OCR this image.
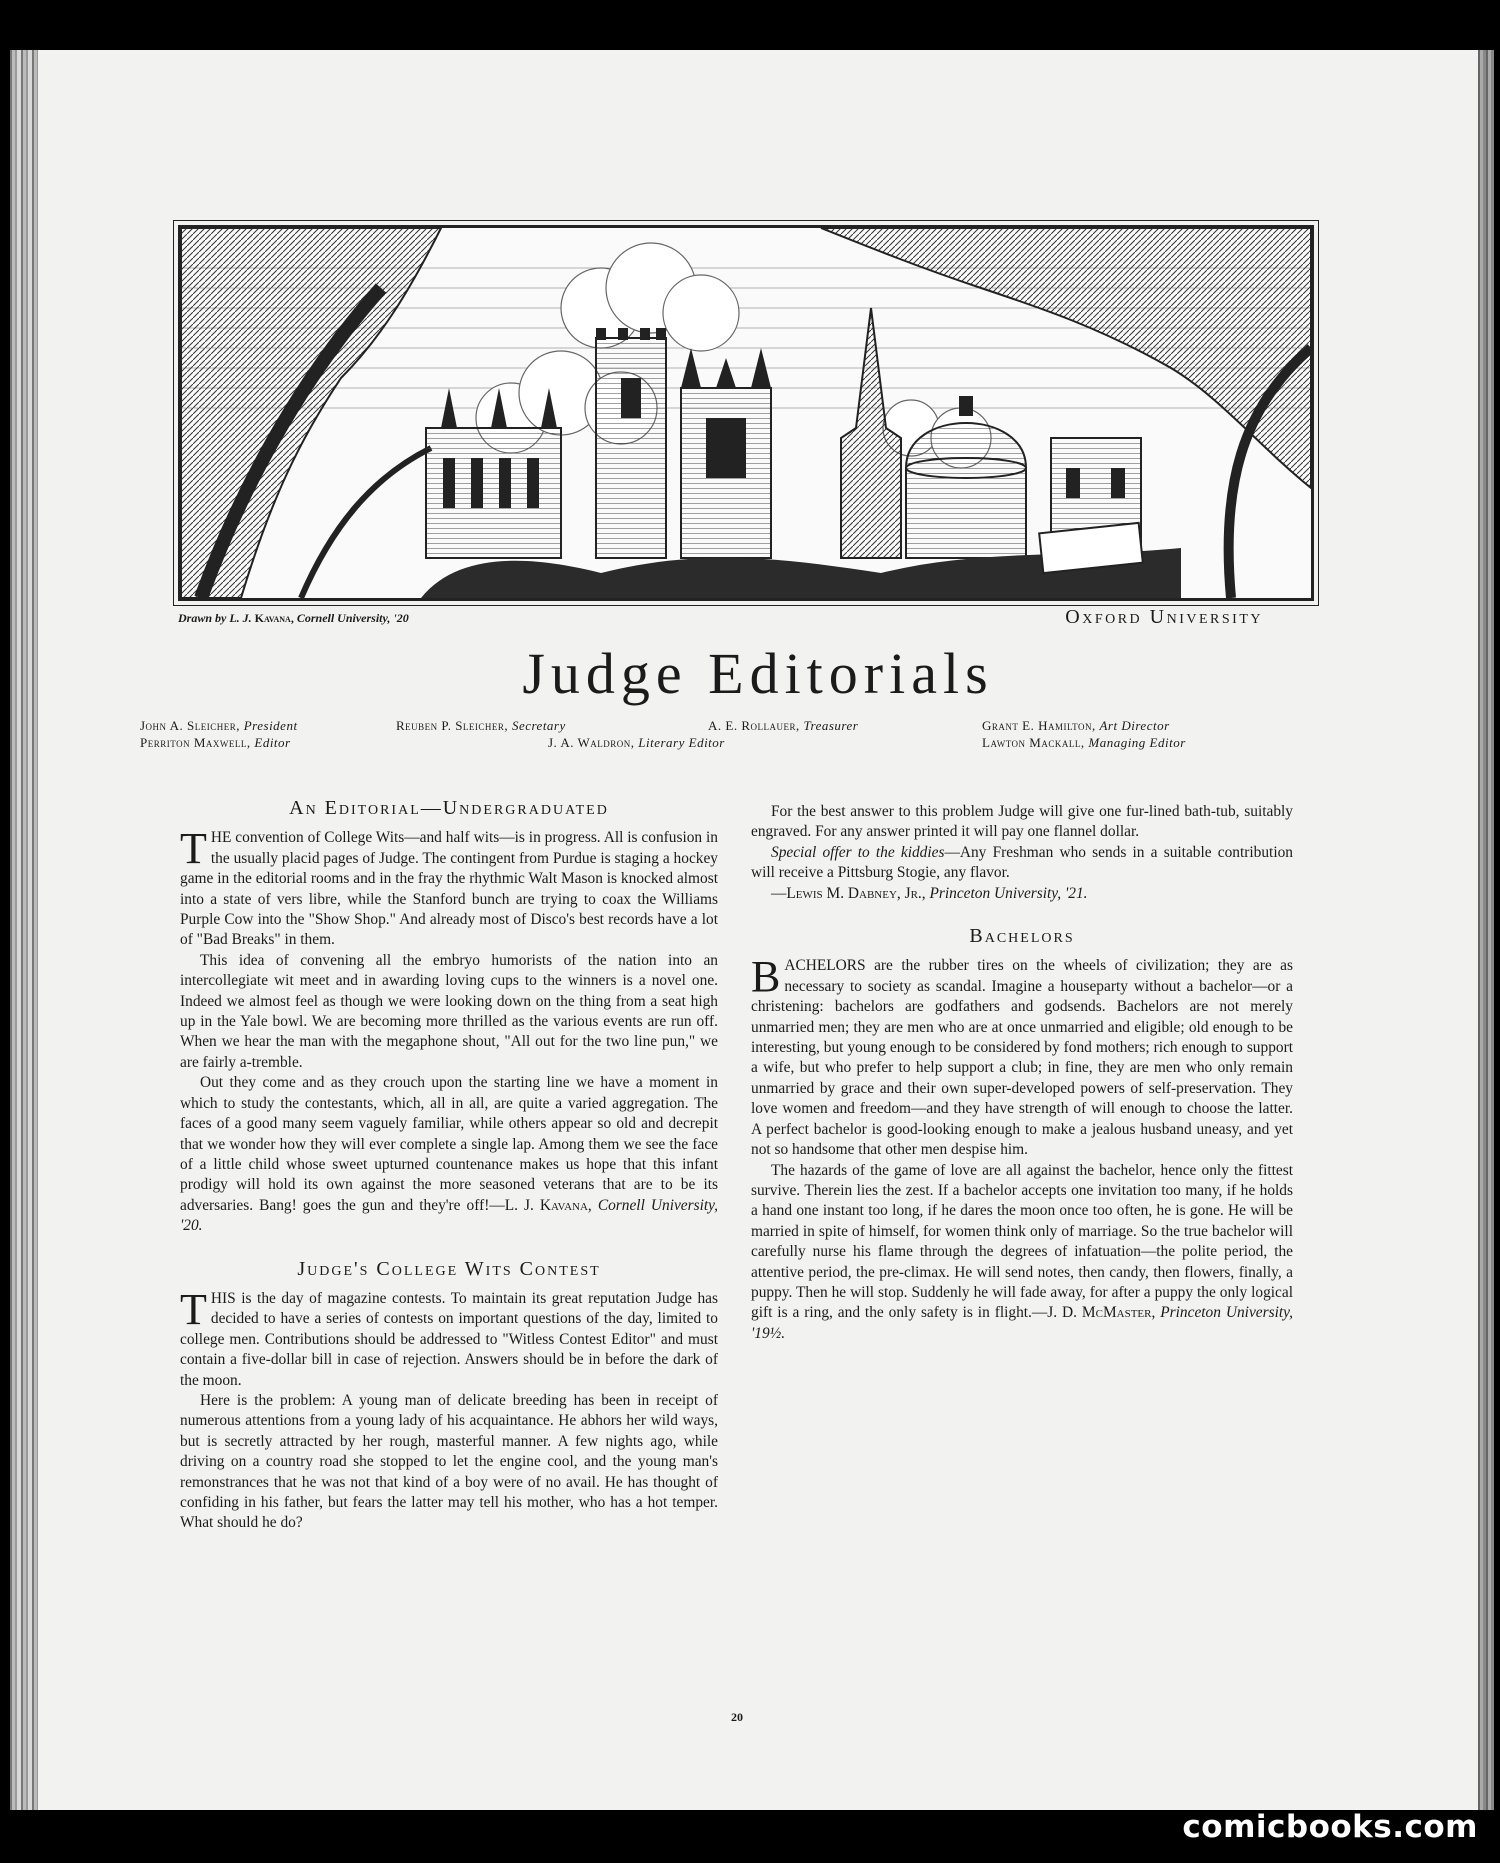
Drawn by L. J. Kavana, Cornell University, '20	Oxford University
Judge Editorials
John A. Sleicher, President
Perriton Maxwell, Editor
Reuben P. Sleicher, Secretary
J. A. Waldron, Literary Editor
A. E. Rollauer, Treasurer	Grant E. Hamilton, Art Director
Lawton Mackall, Managing Editor
An Editorial—Undergraduated

THE convention of College Wits—and half wits—is in progress. All is confusion in the usually placid pages of Judge. The contingent from Purdue is staging a hockey game in the editorial rooms and in the fray the rhythmic Walt Mason is knocked almost into a state of vers libre, while the Stanford bunch are trying to coax the Williams Purple Cow into the "Show Shop." And already most of Disco's best records have a lot of "Bad Breaks" in them.

This idea of convening all the embryo humorists of the nation into an intercollegiate wit meet and in awarding loving cups to the winners is a novel one. Indeed we almost feel as though we were looking down on the thing from a seat high up in the Yale bowl. We are becoming more thrilled as the various events are run off. When we hear the man with the megaphone shout, "All out for the two line pun," we are fairly a-tremble.

Out they come and as they crouch upon the starting line we have a moment in which to study the contestants, which, all in all, are quite a varied aggregation. The faces of a good many seem vaguely familiar, while others appear so old and decrepit that we wonder how they will ever complete a single lap. Among them we see the face of a little child whose sweet upturned countenance makes us hope that this infant prodigy will hold its own against the more seasoned veterans that are to be its adversaries. Bang! goes the gun and they're off!—L. J. Kavana, Cornell University, '20.

Judge's College Wits Contest

THIS is the day of magazine contests. To maintain its great reputation Judge has decided to have a series of contests on important questions of the day, limited to college men. Contributions should be addressed to "Witless Contest Editor" and must contain a five-dollar bill in case of rejection. Answers should be in before the dark of the moon.

Here is the problem: A young man of delicate breeding has been in receipt of numerous attentions from a young lady of his acquaintance. He abhors her wild ways, but is secretly attracted by her rough, masterful manner. A few nights ago, while driving on a country road she stopped to let the engine cool, and the young man's remonstrances that he was not that kind of a boy were of no avail. He has thought of confiding in his father, but fears the latter may tell his mother, who has a hot temper. What should he do?

For the best answer to this problem Judge will give one fur-lined bath-tub, suitably engraved. For any answer printed it will pay one flannel dollar.

Special offer to the kiddies—Any Freshman who sends in a suitable contribution will receive a Pittsburg Stogie, any flavor.

—Lewis M. Dabney, Jr., Princeton University, '21.

Bachelors

BACHELORS are the rubber tires on the wheels of civilization; they are as necessary to society as scandal. Imagine a houseparty without a bachelor—or a christening: bachelors are godfathers and godsends. Bachelors are not merely unmarried men; they are men who are at once unmarried and eligible; old enough to be interesting, but young enough to be considered by fond mothers; rich enough to support a wife, but who prefer to help support a club; in fine, they are men who only remain unmarried by grace and their own super-developed powers of self-preservation. They love women and freedom—and they have strength of will enough to choose the latter. A perfect bachelor is good-looking enough to make a jealous husband uneasy, and yet not so handsome that other men despise him.

The hazards of the game of love are all against the bachelor, hence only the fittest survive. Therein lies the zest. If a bachelor accepts one invitation too many, if he holds a hand one instant too long, if he dares the moon once too often, he is gone. He will be married in spite of himself, for women think only of marriage. So the true bachelor will carefully nurse his flame through the degrees of infatuation—the polite period, the attentive period, the pre-climax. He will send notes, then candy, then flowers, finally, a puppy. Then he will stop. Suddenly he will fade away, for after a puppy the only logical gift is a ring, and the only safety is in flight.—J. D. McMaster, Princeton University, '19½.

20
comicbooks.com
